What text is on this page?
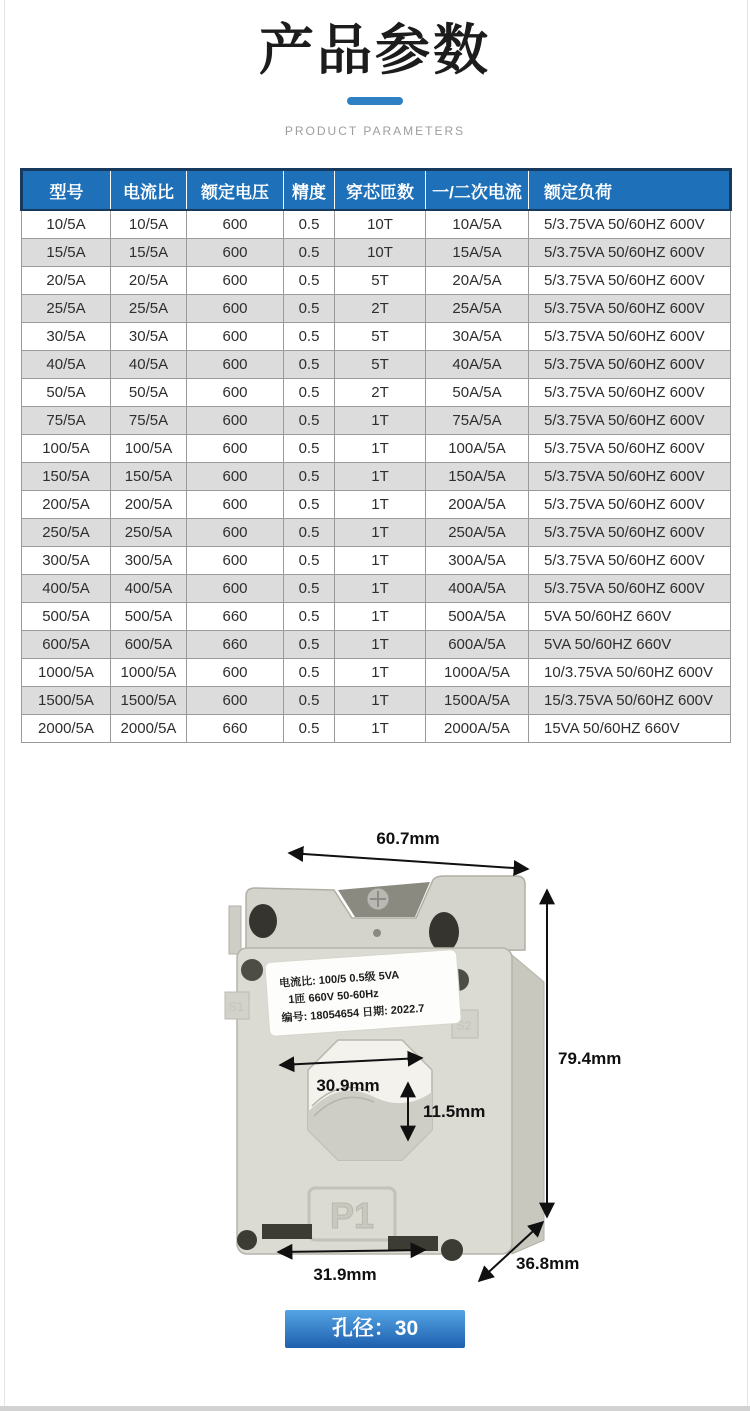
产品参数
PRODUCT PARAMETERS
型号	电流比	额定电压	精度	穿芯匝数	一/二次电流	额定负荷
10/5A	10/5A	600	0.5	10T	10A/5A	5/3.75VA 50/60HZ 600V
15/5A	15/5A	600	0.5	10T	15A/5A	5/3.75VA 50/60HZ 600V
20/5A	20/5A	600	0.5	5T	20A/5A	5/3.75VA 50/60HZ 600V
25/5A	25/5A	600	0.5	2T	25A/5A	5/3.75VA 50/60HZ 600V
30/5A	30/5A	600	0.5	5T	30A/5A	5/3.75VA 50/60HZ 600V
40/5A	40/5A	600	0.5	5T	40A/5A	5/3.75VA 50/60HZ 600V
50/5A	50/5A	600	0.5	2T	50A/5A	5/3.75VA 50/60HZ 600V
75/5A	75/5A	600	0.5	1T	75A/5A	5/3.75VA 50/60HZ 600V
100/5A	100/5A	600	0.5	1T	100A/5A	5/3.75VA 50/60HZ 600V
150/5A	150/5A	600	0.5	1T	150A/5A	5/3.75VA 50/60HZ 600V
200/5A	200/5A	600	0.5	1T	200A/5A	5/3.75VA 50/60HZ 600V
250/5A	250/5A	600	0.5	1T	250A/5A	5/3.75VA 50/60HZ 600V
300/5A	300/5A	600	0.5	1T	300A/5A	5/3.75VA 50/60HZ 600V
400/5A	400/5A	600	0.5	1T	400A/5A	5/3.75VA 50/60HZ 600V
500/5A	500/5A	660	0.5	1T	500A/5A	5VA 50/60HZ 660V
600/5A	600/5A	660	0.5	1T	600A/5A	5VA 50/60HZ 660V
1000/5A	1000/5A	600	0.5	1T	1000A/5A	10/3.75VA 50/60HZ 600V
1500/5A	1500/5A	600	0.5	1T	1500A/5A	15/3.75VA 50/60HZ 600V
2000/5A	2000/5A	660	0.5	1T	2000A/5A	15VA 50/60HZ 660V
S1
S2
电流比: 100/5 0.5级 5VA
1匝 660V 50-60Hz
编号: 18054654 日期: 2022.7
P1
60.7mm
79.4mm
36.8mm
31.9mm
30.9mm
11.5mm
孔径：30
